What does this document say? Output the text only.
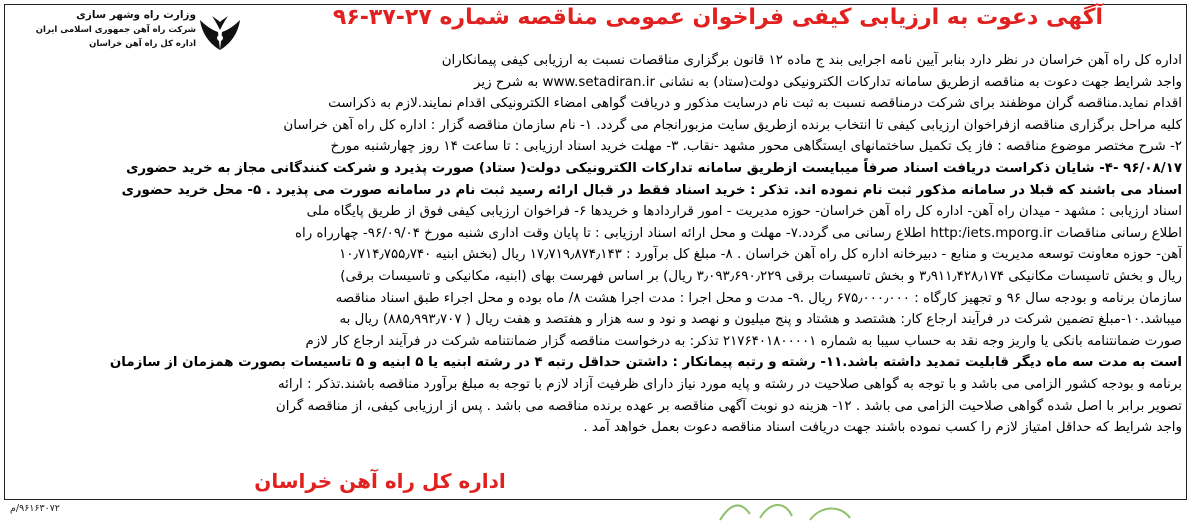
آگهی دعوت به ارزیابی کیفی فراخوان عمومی مناقصه شماره ۲۷-۳۷-۹۶
وزارت راه وشهر سازی
شرکت راه آهن جمهوری اسلامی ایران
اداره کل راه آهن خراسان

اداره کل راه آهن خراسان در نظر دارد بنابر آیین نامه اجرایی بند ج ماده ۱۲ قانون برگزاری مناقصات نسبت به ارزیابی کیفی پیمانکاران

واجد شرایط جهت دعوت به مناقصه ازطریق سامانه تدارکات الکترونیکی دولت(ستاد) به نشانی www.setadiran.ir به شرح زیر

اقدام نماید.مناقصه گران موظفند برای شرکت درمناقصه نسبت به ثبت نام درسایت مذکور و دریافت گواهی امضاء الکترونیکی اقدام نمایند.لازم به ذکراست

کلیه مراحل برگزاری مناقصه ازفراخوان ارزیابی کیفی تا انتخاب برنده ازطریق سایت مزبورانجام می گردد. ۱- نام سازمان مناقصه گزار : اداره کل راه آهن خراسان

۲- شرح مختصر موضوع مناقصه : فاز یک تکمیل ساختمانهای ایستگاهی محور مشهد -نقاب. ۳- مهلت خرید اسناد ارزیابی : تا ساعت ۱۴ روز چهارشنبه مورخ

۹۶/۰۸/۱۷ -۴- شایان ذکراست دریافت اسناد صرفاً میبایست ازطریق سامانه تدارکات الکترونیکی دولت( ستاد) صورت پذیرد و شرکت کنندگانی مجاز به خرید حضوری

اسناد می باشند که قبلا در سامانه مذکور ثبت نام نموده اند. تذکر : خرید اسناد فقط در قبال ارائه رسید ثبت نام در سامانه صورت می پذیرد . ۵- محل خرید حضوری

اسناد ارزیابی : مشهد - میدان راه آهن- اداره کل راه آهن خراسان- حوزه مدیریت - امور قراردادها و خریدها ۶- فراخوان ارزیابی کیفی فوق از طریق پایگاه ملی

اطلاع رسانی مناقصات http:/iets.mporg.ir اطلاع رسانی می گردد.۷- مهلت و محل ارائه اسناد ارزیابی : تا پایان وقت اداری شنبه مورخ ۹۶/۰۹/۰۴- چهارراه راه

آهن- حوزه معاونت توسعه مدیریت و منابع - دبیرخانه اداره کل راه آهن خراسان . ۸- مبلغ کل برآورد : ۱۷٫۷۱۹٫۸۷۴٫۱۴۳ ریال (بخش ابنیه ۱۰٫۷۱۴٫۷۵۵٫۷۴۰

ریال و بخش تاسیسات مکانیکی ۳٫۹۱۱٫۴۲۸٫۱۷۴ و بخش تاسیسات برقی ۳٫۰۹۳٫۶۹۰٫۲۲۹ ریال) بر اساس فهرست بهای (ابنیه، مکانیکی و تاسیسات برقی)

سازمان برنامه و بودجه سال ۹۶ و تجهیز کارگاه : ۶۷۵٫۰۰۰٫۰۰۰ ریال .۹- مدت و محل اجرا : مدت اجرا هشت ۸/ ماه بوده و محل اجراء طبق اسناد مناقصه

میباشد.۱۰-مبلغ تضمین شرکت در فرآیند ارجاع کار: هشتصد و هشتاد و پنج میلیون و نهصد و نود و سه هزار و هفتصد و هفت ریال ( ۸۸۵٫۹۹۳٫۷۰۷) ریال به

صورت ضمانتنامه بانکی یا واریز وجه نقد به حساب سیبا به شماره ۲۱۷۶۴۰۱۸۰۰۰۰۱ تذکر: به درخواست مناقصه گزار ضمانتنامه شرکت در فرآیند ارجاع کار لازم

است به مدت سه ماه دیگر قابلیت تمدید داشته باشد.۱۱- رشته و رتبه پیمانکار : داشتن حداقل رتبه ۴ در رشته ابنیه یا ۵ ابنیه و ۵ تاسیسات بصورت همزمان از سازمان

برنامه و بودجه کشور الزامی می باشد و با توجه به گواهی صلاحیت در رشته و پایه مورد نیاز دارای ظرفیت آزاد لازم با توجه به مبلغ برآورد مناقصه باشند.تذکر : ارائه

تصویر برابر با اصل شده گواهی صلاحیت الزامی می باشد . ۱۲- هزینه دو نوبت آگهی مناقصه بر عهده برنده مناقصه می باشد . پس از ارزیابی کیفی، از مناقصه گران

واجد شرایط که حداقل امتیاز لازم را کسب نموده باشند جهت دریافت اسناد مناقصه دعوت بعمل خواهد آمد .

اداره کل راه آهن خراسان
۹۶۱۶۳۰۷۲/م
